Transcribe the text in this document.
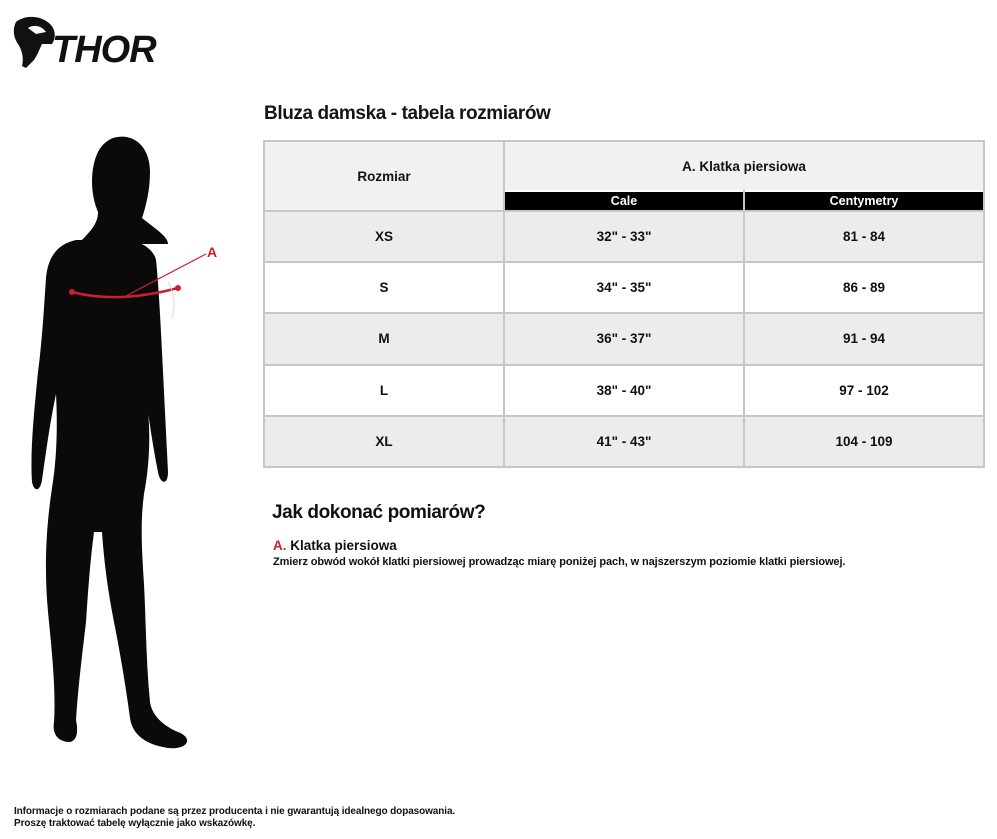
THOR
A
Bluza damska - tabela rozmiarów
Rozmiar	A. Klatka piersiowa	
	Cale	Centymetry
XS	32" - 33"	81 - 84
S	34" - 35"	86 - 89
M	36" - 37"	91 - 94
L	38" - 40"	97 - 102
XL	41" - 43"	104 - 109
Jak dokonać pomiarów?
A. Klatka piersiowa
Zmierz obwód wokół klatki piersiowej prowadząc miarę poniżej pach, w najszerszym poziomie klatki piersiowej.
Informacje o rozmiarach podane są przez producenta i nie gwarantują idealnego dopasowania.
Proszę traktować tabelę wyłącznie jako wskazówkę.
